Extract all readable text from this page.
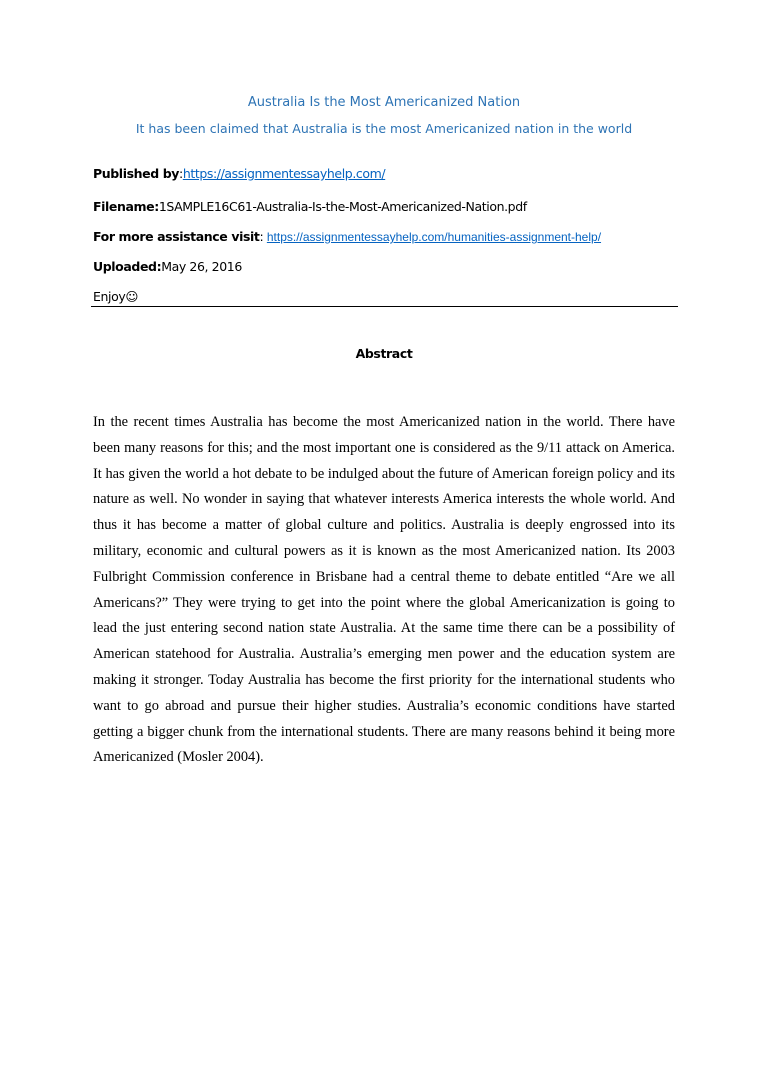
Australia Is the Most Americanized Nation
It has been claimed that Australia is the most Americanized nation in the world
Published by:https://assignmentessayhelp.com/
Filename:1SAMPLE16C61-Australia-Is-the-Most-Americanized-Nation.pdf
For more assistance visit: https://assignmentessayhelp.com/humanities-assignment-help/
Uploaded:May 26, 2016
Enjoy☺
Abstract

In the recent times Australia has become the most Americanized nation in the world. There have been many reasons for this; and the most important one is considered as the 9/11 attack on America. It has given the world a hot debate to be indulged about the future of American foreign policy and its nature as well. No wonder in saying that whatever interests America interests the whole world. And thus it has become a matter of global culture and politics. Australia is deeply engrossed into its military, economic and cultural powers as it is known as the most Americanized nation. Its 2003 Fulbright Commission conference in Brisbane had a central theme to debate entitled “Are we all Americans?” They were trying to get into the point where the global Americanization is going to lead the just entering second nation state Australia. At the same time there can be a possibility of American statehood for Australia. Australia’s emerging men power and the education system are making it stronger. Today Australia has become the first priority for the international students who want to go abroad and pursue their higher studies. Australia’s economic conditions have started getting a bigger chunk from the international students. There are many reasons behind it being more Americanized (Mosler 2004).
